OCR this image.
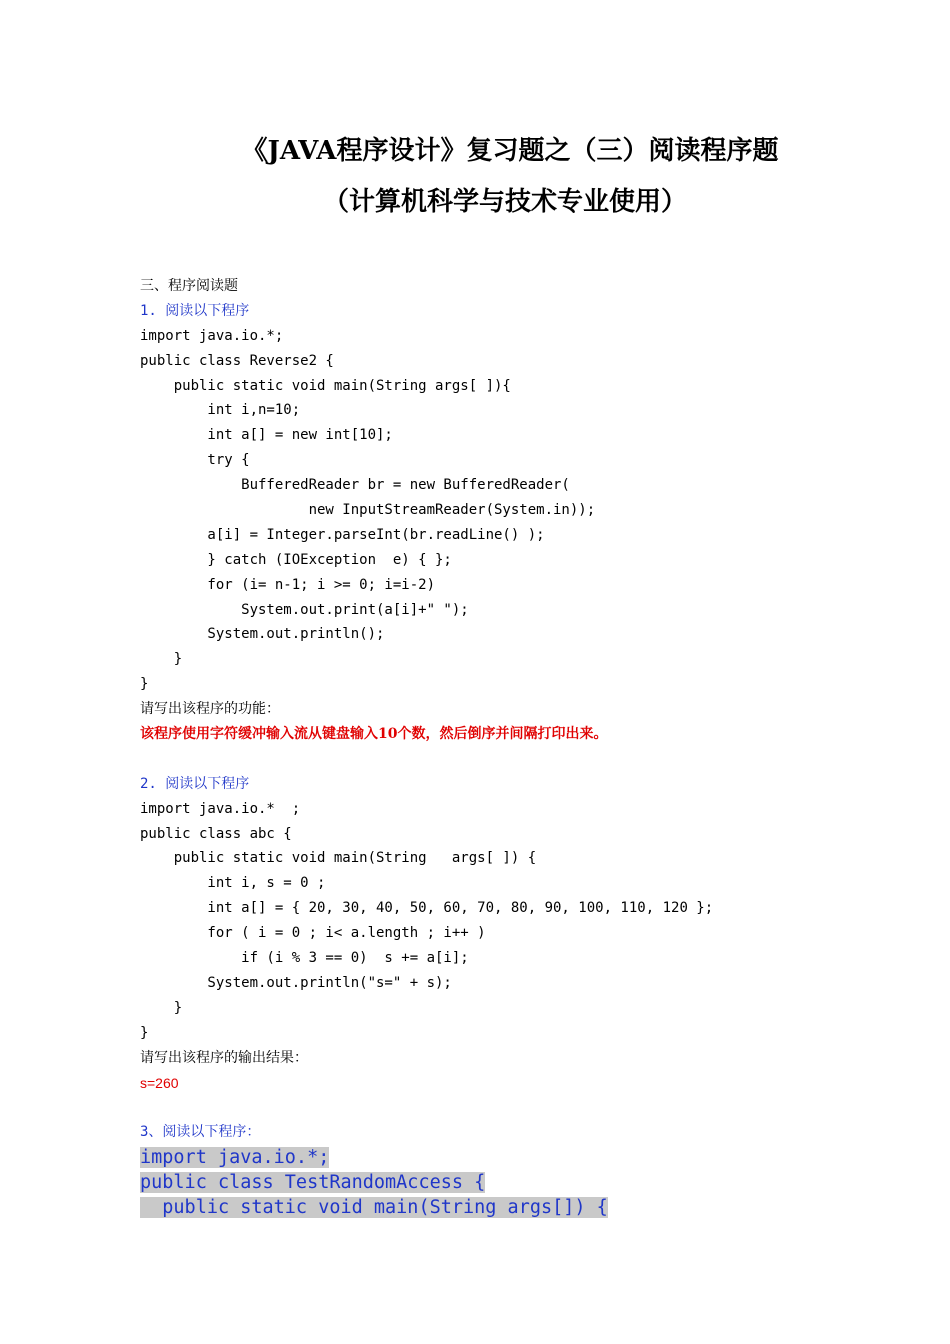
《JAVA程序设计》复习题之（三）阅读程序题
（计算机科学与技术专业使用）
三、程序阅读题
1. 阅读以下程序
import java.io.*;
public class Reverse2 {
public static void main(String args[ ]){
int i,n=10;
int a[] = new int[10];
try {
BufferedReader br = new BufferedReader(
new InputStreamReader(System.in));
a[i] = Integer.parseInt(br.readLine() );
} catch (IOException  e) { };
for (i= n-1; i >= 0; i=i-2)
System.out.print(a[i]+" ");
System.out.println();
}
}
请写出该程序的功能：
该程序使用字符缓冲输入流从键盘输入10个数，然后倒序并间隔打印出来。
2. 阅读以下程序
import java.io.*  ;
public class abc {
public static void main(String   args[ ]) {
int i, s = 0 ;
int a[] = { 20, 30, 40, 50, 60, 70, 80, 90, 100, 110, 120 };
for ( i = 0 ; i< a.length ; i++ )
if (i % 3 == 0)  s += a[i];
System.out.println("s=" + s);
}
}
请写出该程序的输出结果：
s=260
3、阅读以下程序：
import java.io.*;
public class TestRandomAccess {
public static void main(String args[]) {
